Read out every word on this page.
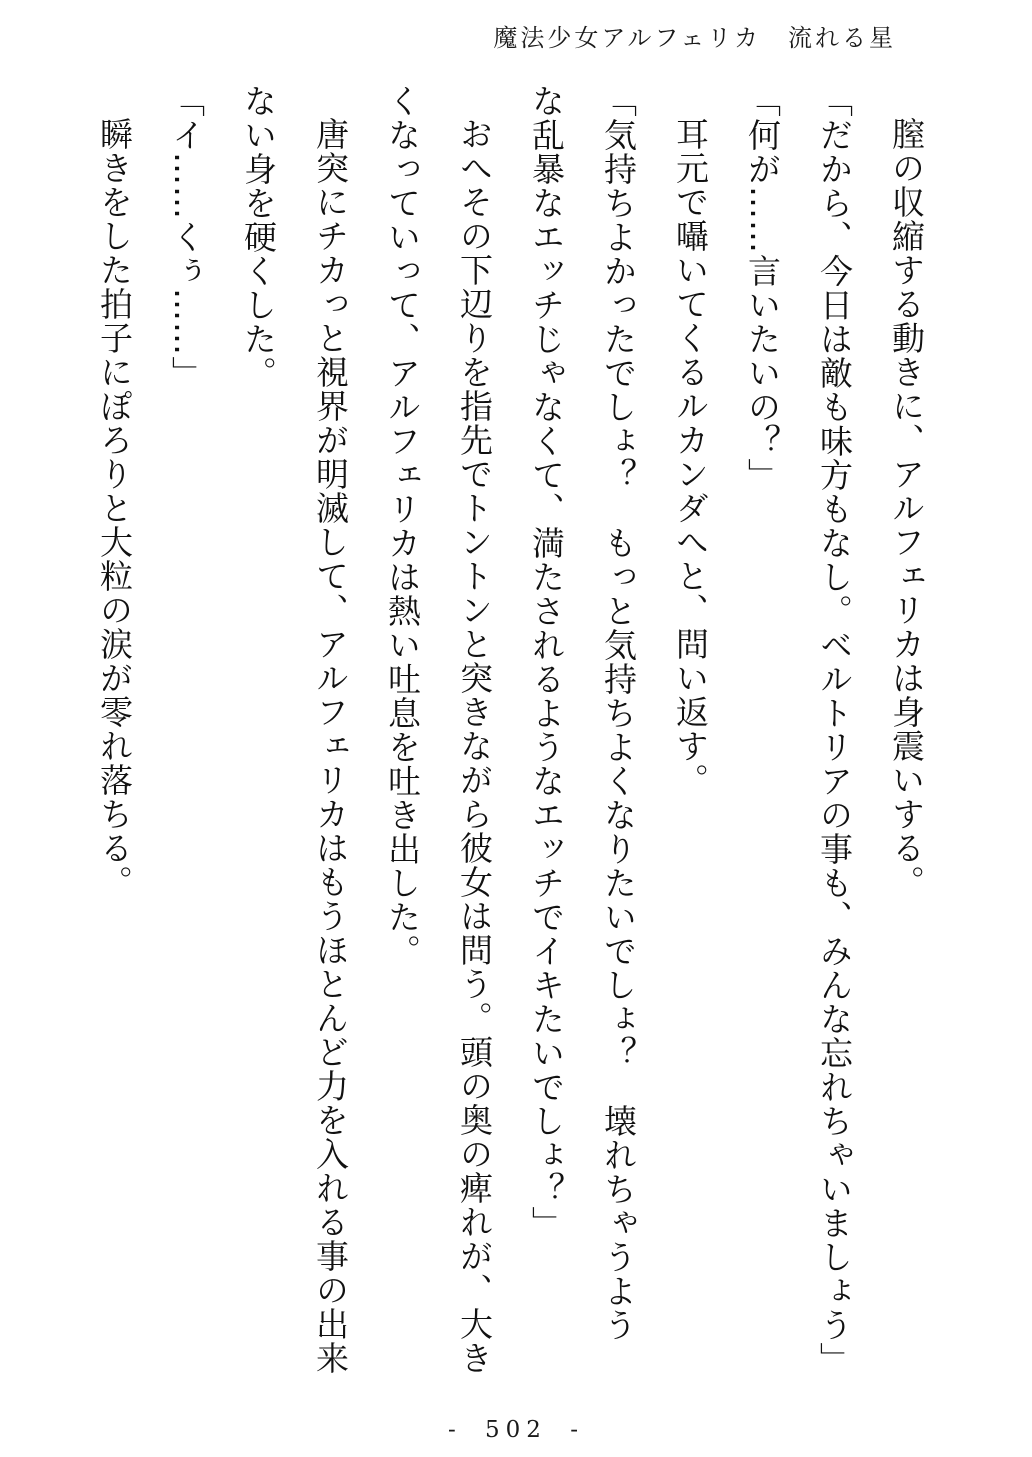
魔法少女アルフェリカ　流れる星

膣の収縮する動きに、アルフェリカは身震いする。

「だから、今日は敵も味方もなし。ベルトリアの事も、みんな忘れちゃいましょう」

「何が……言いたいの？」

耳元で囁いてくるルカンダへと、問い返す。

「気持ちよかったでしょ？　もっと気持ちよくなりたいでしょ？　壊れちゃうよう

な乱暴なエッチじゃなくて、満たされるようなエッチでイキたいでしょ？」

おへその下辺りを指先でトントンと突きながら彼女は問う。頭の奥の痺れが、大き

くなっていって、アルフェリカは熱い吐息を吐き出した。

唐突にチカっと視界が明滅して、アルフェリカはもうほとんど力を入れる事の出来

ない身を硬くした。

「イ……くぅ……」

瞬きをした拍子にぽろりと大粒の涙が零れ落ちる。

- 502 -
